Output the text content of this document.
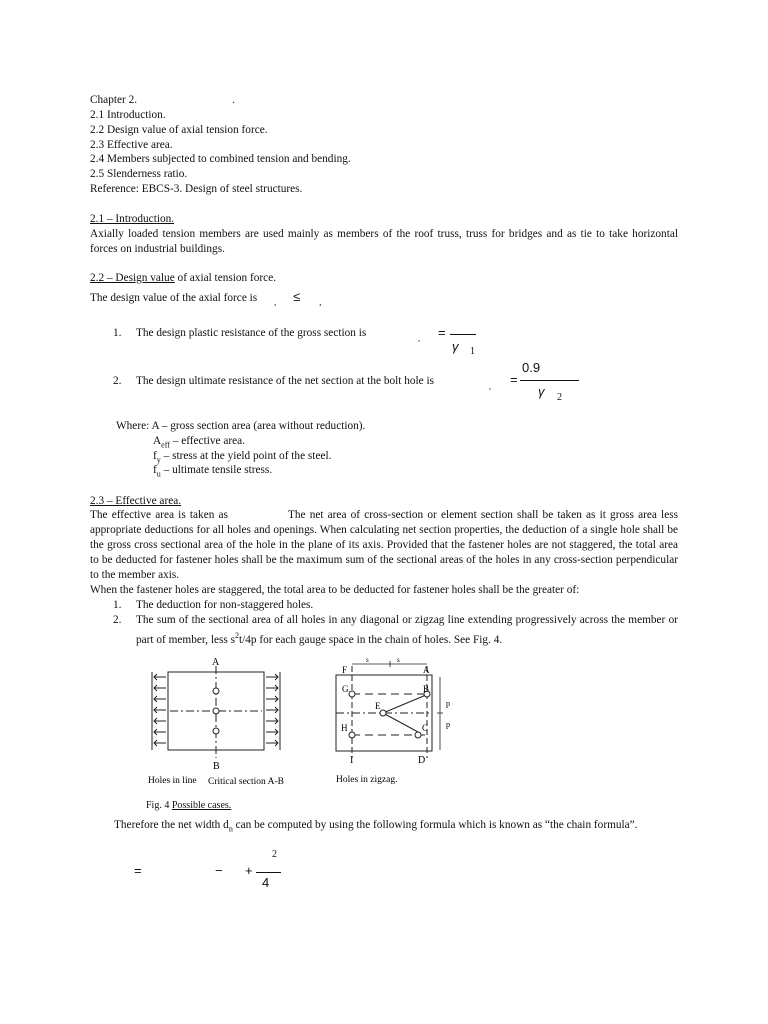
Chapter 2.	.
2.1 Introduction.
2.2 Design value of axial tension force.
2.3 Effective area.
2.4 Members subjected to combined tension and bending.
2.5 Slenderness ratio.
Reference: EBCS-3. Design of steel structures.
2.1 – Introduction.
Axially loaded tension members are used mainly as members of the roof truss, truss for bridges and as tie to take horizontal forces on industrial buildings.
2.2 – Design value of axial tension force.
The design value of the axial force is $_,$ ≤ $_,$
1. The design plastic resistance of the gross section is	, =
γ 1
0.9
2. The design ultimate resistance of the net section at the bolt hole is	, =
γ 2
Where: A – gross section area (area without reduction).
$A_{eff}$ – effective area.
$f_y$ – stress at the yield point of the steel.
$f_u$ – ultimate tensile stress.
2.3 – Effective area.
The effective area is taken as	The net area of cross-section or element section shall be taken as it gross area less appropriate deductions for all holes and openings. When calculating net section properties, the deduction of a single hole shall be the gross cross sectional area of the hole in the plane of its axis. Provided that the fastener holes are not staggered, the total area to be deducted for fastener holes shall be the maximum sum of the sectional areas of the holes in any cross-section perpendicular to the member axis.
When the fastener holes are staggered, the total area to be deducted for fastener holes shall be the greater of:
1. The deduction for non-staggered holes.
2. The sum of the sectional area of all holes in any diagonal or zigzag line extending progressively across the member or part of member, less $s^2t/4p$ for each gauge space in the chain of holes. See Fig. 4.
A
B
Holes in line Critical section A-B
F	A
s	s
G	B
E
H	C
I	D
p
p
Holes in zigzag.
Fig. 4 Possible cases.
Therefore the net width $d_n$ can be computed by using the following formula which is known as “the chain formula”.
2
=	− +
4
